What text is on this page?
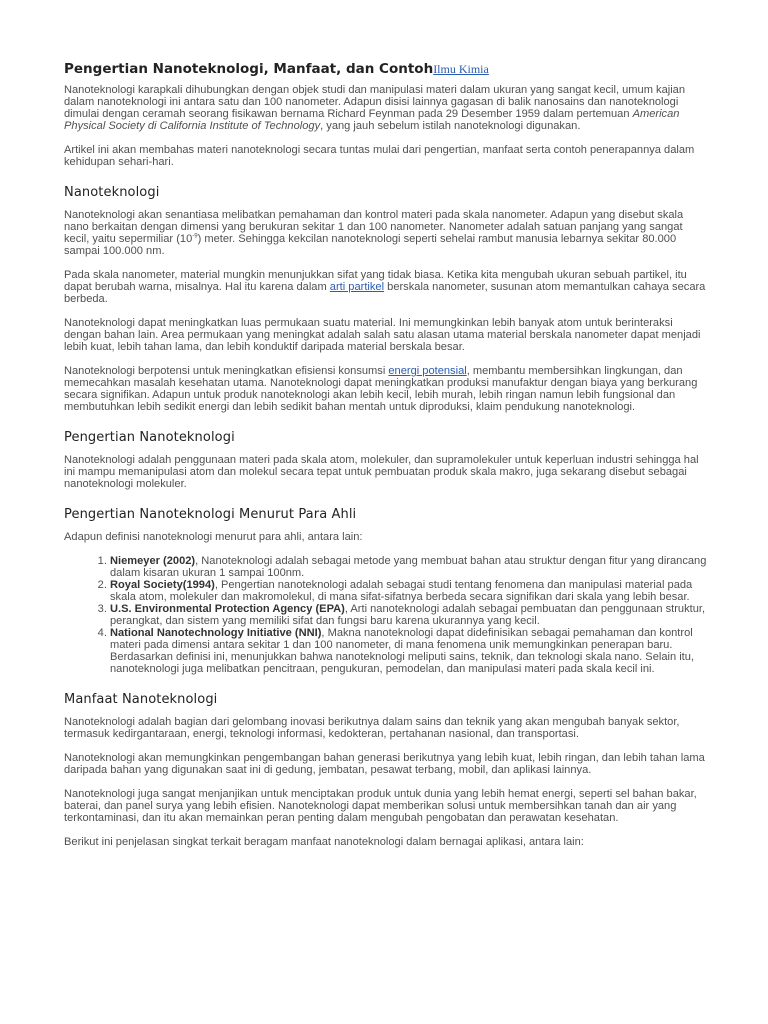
Pengertian Nanoteknologi, Manfaat, dan ContohIlmu Kimia

Nanoteknologi karapkali dihubungkan dengan objek studi dan manipulasi materi dalam ukuran yang sangat kecil, umum kajian dalam nanoteknologi ini antara satu dan 100 nanometer. Adapun disisi lainnya gagasan di balik nanosains dan nanoteknologi dimulai dengan ceramah seorang fisikawan bernama Richard Feynman pada 29 Desember 1959 dalam pertemuan American Physical Society di California Institute of Technology, yang jauh sebelum istilah nanoteknologi digunakan.

Artikel ini akan membahas materi nanoteknologi secara tuntas mulai dari pengertian, manfaat serta contoh penerapannya dalam kehidupan sehari-hari.

Nanoteknologi

Nanoteknologi akan senantiasa melibatkan pemahaman dan kontrol materi pada skala nanometer. Adapun yang disebut skala nano berkaitan dengan dimensi yang berukuran sekitar 1 dan 100 nanometer. Nanometer adalah satuan panjang yang sangat kecil, yaitu sepermiliar $(10^{-9})$ meter. Sehingga kekcilan nanoteknologi seperti sehelai rambut manusia lebarnya sekitar 80.000 sampai 100.000 nm.

Pada skala nanometer, material mungkin menunjukkan sifat yang tidak biasa. Ketika kita mengubah ukuran sebuah partikel, itu dapat berubah warna, misalnya. Hal itu karena dalam arti partikel berskala nanometer, susunan atom memantulkan cahaya secara berbeda.

Nanoteknologi dapat meningkatkan luas permukaan suatu material. Ini memungkinkan lebih banyak atom untuk berinteraksi dengan bahan lain. Area permukaan yang meningkat adalah salah satu alasan utama material berskala nanometer dapat menjadi lebih kuat, lebih tahan lama, dan lebih konduktif daripada material berskala besar.

Nanoteknologi berpotensi untuk meningkatkan efisiensi konsumsi energi potensial, membantu membersihkan lingkungan, dan memecahkan masalah kesehatan utama. Nanoteknologi dapat meningkatkan produksi manufaktur dengan biaya yang berkurang secara signifikan. Adapun untuk produk nanoteknologi akan lebih kecil, lebih murah, lebih ringan namun lebih fungsional dan membutuhkan lebih sedikit energi dan lebih sedikit bahan mentah untuk diproduksi, klaim pendukung nanoteknologi.

Pengertian Nanoteknologi

Nanoteknologi adalah penggunaan materi pada skala atom, molekuler, dan supramolekuler untuk keperluan industri sehingga hal ini mampu memanipulasi atom dan molekul secara tepat untuk pembuatan produk skala makro, juga sekarang disebut sebagai nanoteknologi molekuler.

Pengertian Nanoteknologi Menurut Para Ahli

Adapun definisi nanoteknologi menurut para ahli, antara lain:

1. Niemeyer (2002), Nanoteknologi adalah sebagai metode yang membuat bahan atau struktur dengan fitur yang dirancang dalam kisaran ukuran 1 sampai 100nm.
2. Royal Society(1994), Pengertian nanoteknologi adalah sebagai studi tentang fenomena dan manipulasi material pada skala atom, molekuler dan makromolekul, di mana sifat-sifatnya berbeda secara signifikan dari skala yang lebih besar.
3. U.S. Environmental Protection Agency (EPA), Arti nanoteknologi adalah sebagai pembuatan dan penggunaan struktur, perangkat, dan sistem yang memiliki sifat dan fungsi baru karena ukurannya yang kecil.
4. National Nanotechnology Initiative (NNI), Makna nanoteknologi dapat didefinisikan sebagai pemahaman dan kontrol materi pada dimensi antara sekitar 1 dan 100 nanometer, di mana fenomena unik memungkinkan penerapan baru. Berdasarkan definisi ini, menunjukkan bahwa nanoteknologi meliputi sains, teknik, dan teknologi skala nano. Selain itu, nanoteknologi juga melibatkan pencitraan, pengukuran, pemodelan, dan manipulasi materi pada skala kecil ini.
Manfaat Nanoteknologi

Nanoteknologi adalah bagian dari gelombang inovasi berikutnya dalam sains dan teknik yang akan mengubah banyak sektor, termasuk kedirgantaraan, energi, teknologi informasi, kedokteran, pertahanan nasional, dan transportasi.

Nanoteknologi akan memungkinkan pengembangan bahan generasi berikutnya yang lebih kuat, lebih ringan, dan lebih tahan lama daripada bahan yang digunakan saat ini di gedung, jembatan, pesawat terbang, mobil, dan aplikasi lainnya.

Nanoteknologi juga sangat menjanjikan untuk menciptakan produk untuk dunia yang lebih hemat energi, seperti sel bahan bakar, baterai, dan panel surya yang lebih efisien. Nanoteknologi dapat memberikan solusi untuk membersihkan tanah dan air yang terkontaminasi, dan itu akan memainkan peran penting dalam mengubah pengobatan dan perawatan kesehatan.

Berikut ini penjelasan singkat terkait beragam manfaat nanoteknologi dalam bernagai aplikasi, antara lain:
